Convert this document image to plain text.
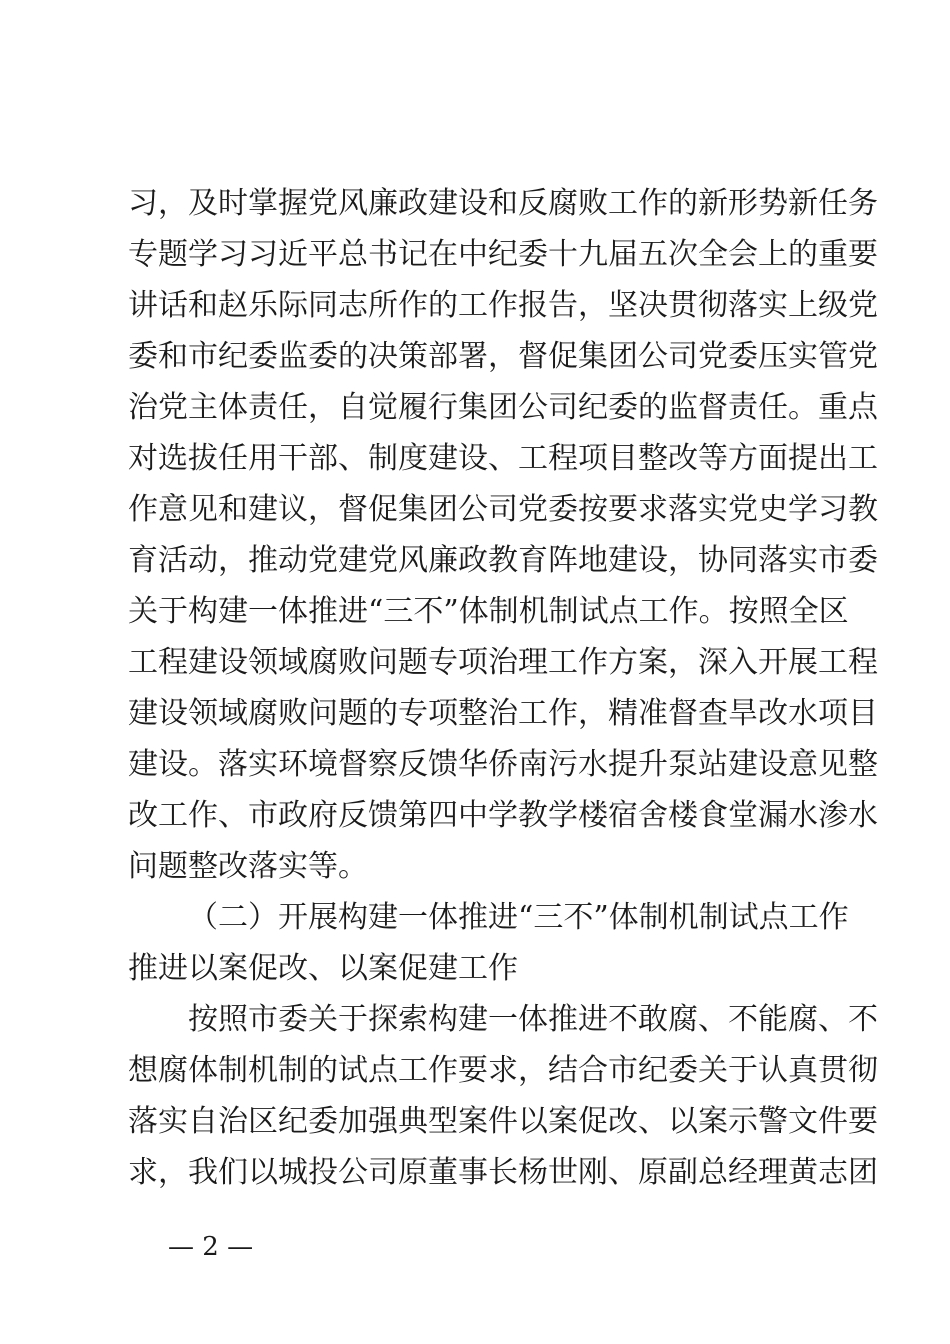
习，及时掌握党风廉政建设和反腐败工作的新形势新任务
专题学习习近平总书记在中纪委十九届五次全会上的重要
讲话和赵乐际同志所作的工作报告，坚决贯彻落实上级党
委和市纪委监委的决策部署，督促集团公司党委压实管党
治党主体责任，自觉履行集团公司纪委的监督责任。重点
对选拔任用干部、制度建设、工程项目整改等方面提出工
作意见和建议，督促集团公司党委按要求落实党史学习教
育活动，推动党建党风廉政教育阵地建设，协同落实市委
关于构建一体推进“三不”体制机制试点工作。按照全区
工程建设领域腐败问题专项治理工作方案，深入开展工程
建设领域腐败问题的专项整治工作，精准督查旱改水项目
建设。落实环境督察反馈华侨南污水提升泵站建设意见整
改工作、市政府反馈第四中学教学楼宿舍楼食堂漏水渗水
问题整改落实等。
（二）开展构建一体推进“三不”体制机制试点工作
推进以案促改、以案促建工作
按照市委关于探索构建一体推进不敢腐、不能腐、不
想腐体制机制的试点工作要求，结合市纪委关于认真贯彻
落实自治区纪委加强典型案件以案促改、以案示警文件要
求，我们以城投公司原董事长杨世刚、原副总经理黄志团
— 2 —
